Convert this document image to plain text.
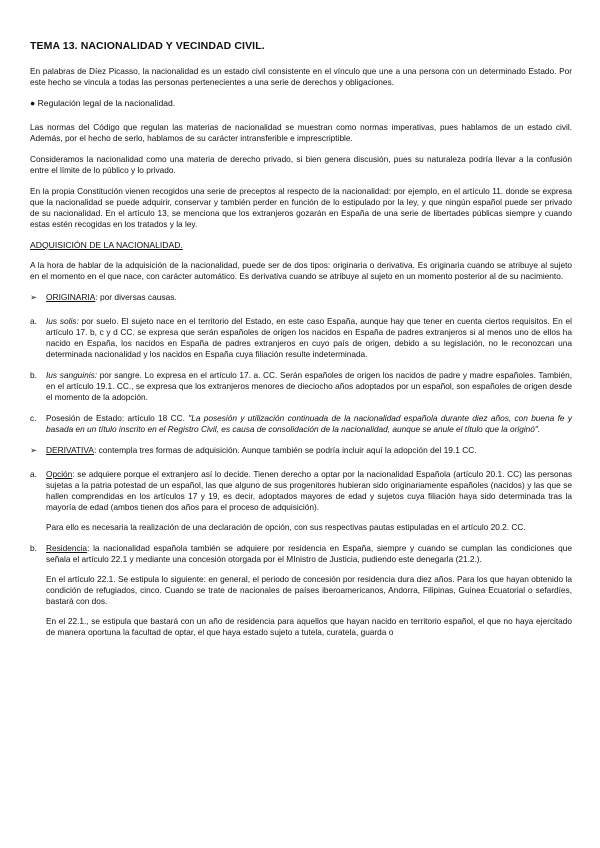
TEMA 13. NACIONALIDAD Y VECINDAD CIVIL.

En palabras de Díez Picasso, la nacionalidad es un estado civil consistente en el vínculo que une a una persona con un determinado Estado. Por este hecho se vincula a todas las personas pertenecientes a una serie de derechos y obligaciones.

● Regulación legal de la nacionalidad.

Las normas del Código que regulan las materias de nacionalidad se muestran como normas imperativas, pues hablamos de un estado civil. Además, por el hecho de serlo, hablamos de su carácter intransferible e imprescriptible.

Consideramos la nacionalidad como una materia de derecho privado, si bien genera discusión, pues su naturaleza podría llevar a la confusión entre el límite de lo público y lo privado.

En la propia Constitución vienen recogidos una serie de preceptos al respecto de la nacionalidad: por ejemplo, en el artículo 11. donde se expresa que la nacionalidad se puede adquirir, conservar y también perder en función de lo estipulado por la ley, y que ningún español puede ser privado de su nacionalidad. En el artículo 13, se menciona que los extranjeros gozarán en España de una serie de libertades públicas siempre y cuando estas estén recogidas en los tratados y la ley.

ADQUISICIÓN DE LA NACIONALIDAD.

A la hora de hablar de la adquisición de la nacionalidad, puede ser de dos tipos: originaria o derivativa. Es originaria cuando se atribuye al sujeto en el momento en el que nace, con carácter automático. Es derivativa cuando se atribuye al sujeto en un momento posterior al de su nacimiento.

➢ ORIGINARIA: por diversas causas.
a.	Ius solis: por suelo. El sujeto nace en el territorio del Estado, en este caso España, aunque hay que tener en cuenta ciertos requisitos. En el artículo 17. b, c y d CC. se expresa que serán españoles de origen los nacidos en España de padres extranjeros si al menos uno de ellos ha nacido en España, los nacidos en España de padres extranjeros en cuyo país de origen, debido a su legislación, no le reconozcan una determinada nacionalidad y los nacidos en España cuya filiación resulte indeterminada.

b.	Ius sanguinis: por sangre. Lo expresa en el artículo 17. a. CC. Serán españoles de origen los nacidos de padre y madre españoles. También, en el artículo 19.1. CC., se expresa que los extranjeros menores de dieciocho años adoptados por un español, son españoles de origen desde el momento de la adopción.

c.	Posesión de Estado: artículo 18 CC. "La posesión y utilización continuada de la nacionalidad española durante diez años, con buena fe y basada en un título inscrito en el Registro Civil, es causa de consolidación de la nacionalidad, aunque se anule el título que la originó".

➢ DERIVATIVA: contempla tres formas de adquisición. Aunque también se podría incluir aquí la adopción del 19.1 CC.
a.	Opción: se adquiere porque el extranjero así lo decide. Tienen derecho a optar por la nacionalidad Española (artículo 20.1. CC) las personas sujetas a la patria potestad de un español, las que alguno de sus progenitores hubieran sido originariamente españoles (nacidos) y las que se hallen comprendidas en los artículos 17 y 19, es decir, adoptados mayores de edad y sujetos cuya filiación haya sido determinada tras la mayoría de edad (ambos tienen dos años para el proceso de adquisición).

Para ello es necesaria la realización de una declaración de opción, con sus respectivas pautas estipuladas en el artículo 20.2. CC.

b.	Residencia: la nacionalidad española también se adquiere por residencia en España, siempre y cuando se cumplan las condiciones que señala el artículo 22.1 y mediante una concesión otorgada por el MInistro de Justicia, pudiendo este denegarla (21.2.).

En el artículo 22.1. Se estipula lo siguiente: en general, el periodo de concesión por residencia dura diez años. Para los que hayan obtenido la condición de refugiados, cinco. Cuando se trate de nacionales de países iberoamericanos, Andorra, Filipinas, Guinea Ecuatorial o sefardíes, bastará con dos.

En el 22.1., se estipula que bastará con un año de residencia para aquellos que hayan nacido en territorio español, el que no haya ejercitado de manera oportuna la facultad de optar, el que haya estado sujeto a tutela, curatela, guarda o
